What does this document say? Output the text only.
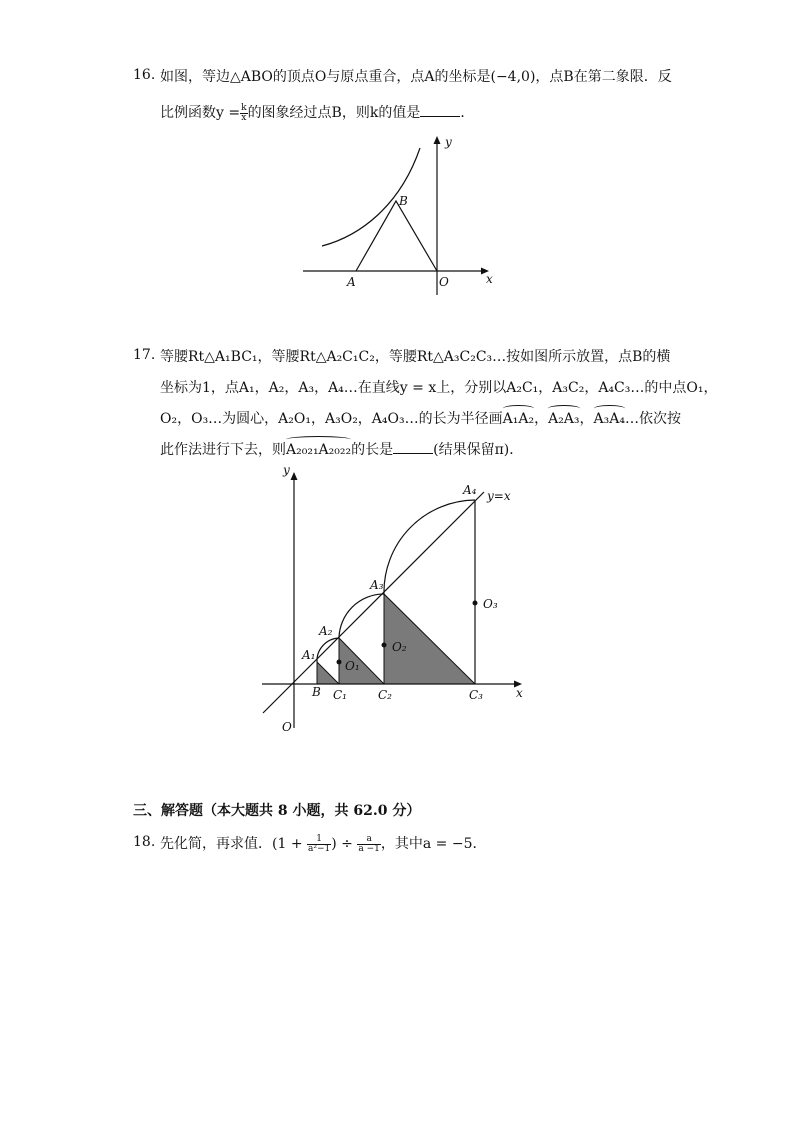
16. 如图，等边△ABO的顶点O与原点重合，点A的坐标是(−4,0)，点B在第二象限．反
比例函数$y = \frac{k}{x}$ 的图象经过点B，则k的值是	．
x
y
A
B
O
17. 等腰Rt△A₁BC₁，等腰Rt△A₂C₁C₂，等腰Rt△A₃C₂C₃…按如图所示放置，点B的横
坐标为1，点A₁，A₂，A₃，A₄…在直线y = x上，分别以A₂C₁，A₃C₂，A₄C₃…的中点O₁，
O₂，O₃…为圆心，A₂O₁，A₃O₂，A₄O₃…的长为半径画A₁A₂，A₂A₃，A₃A₄…依次按
此作法进行下去，则A₂₀₂₁A₂₀₂₂的长是	(结果保留π)．
y
x
O
y=x
A₁
A₂
A₃
A₄
B C₁	C₂	C₃
O₁
O₂
O₃
三、解答题（本大题共 8 小题，共 62.0 分）
18. 先化简，再求值．($1 + \frac{1}{\text{a²−1}}$ ) ÷ $\frac{a}{a -1}$ ，其中a = −5．
